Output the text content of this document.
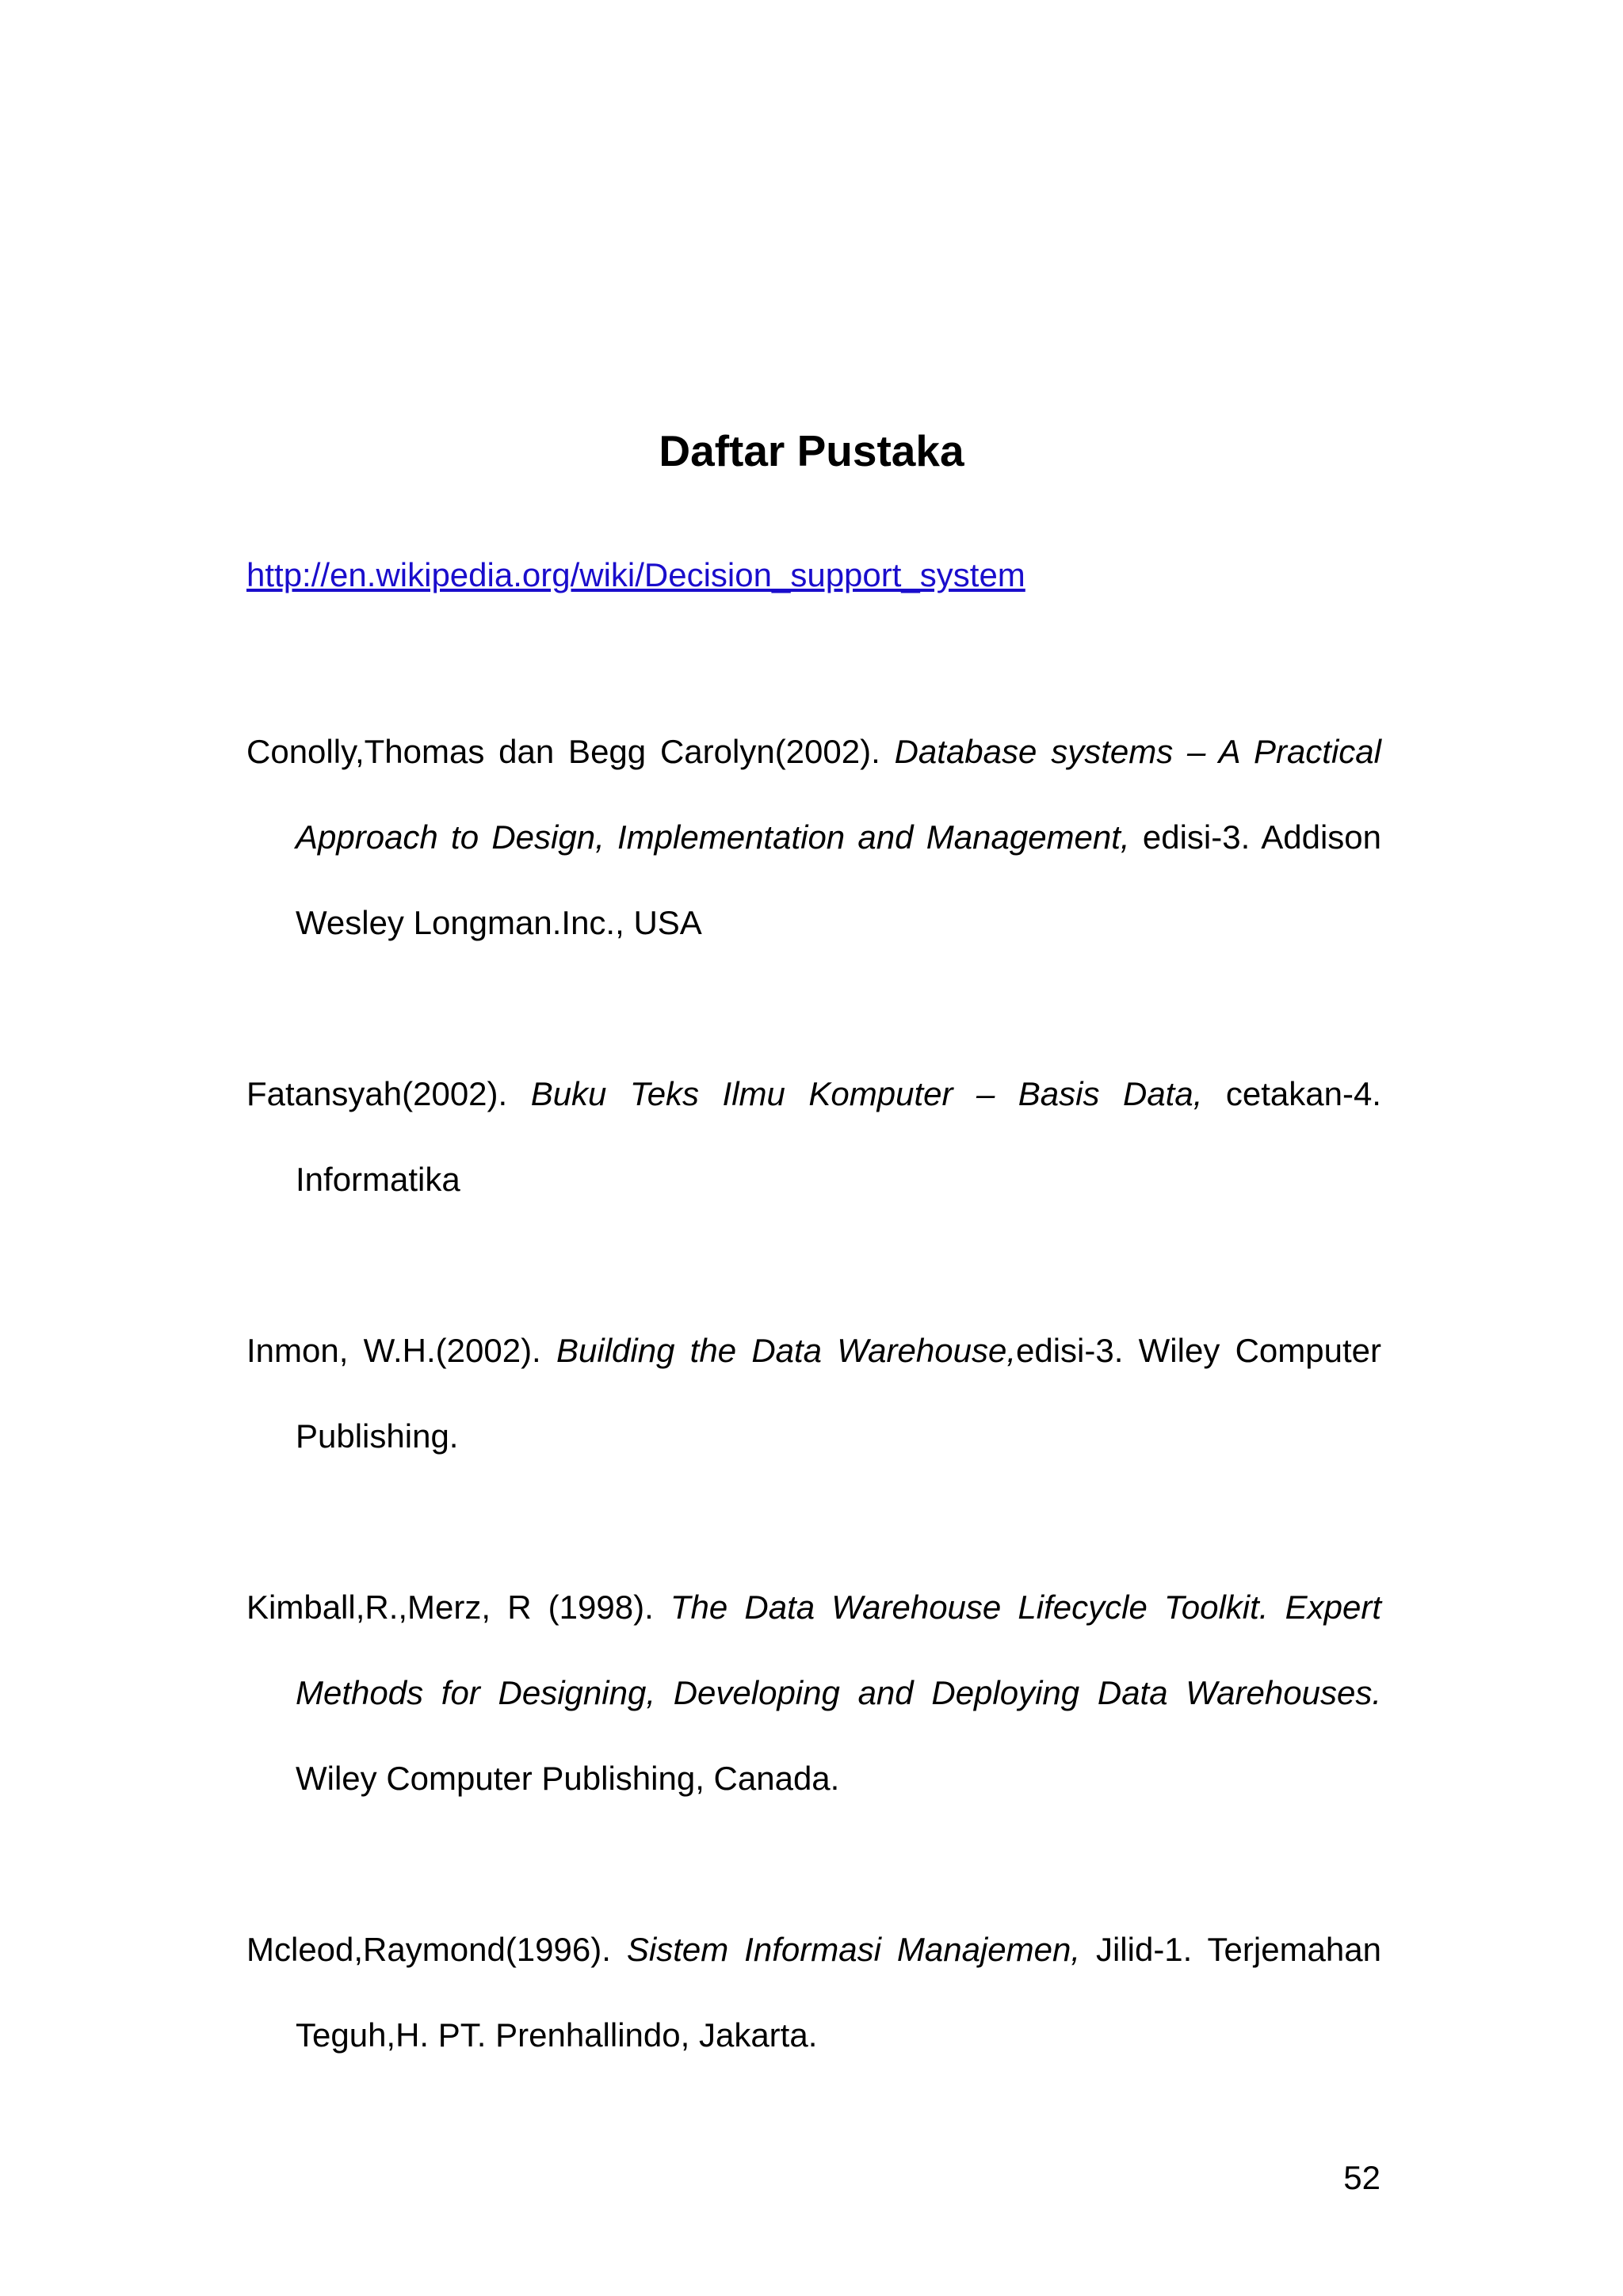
Daftar Pustaka
http://en.wikipedia.org/wiki/Decision_support_system
Conolly,Thomas dan Begg Carolyn(2002). Database systems – A Practical
Approach to Design, Implementation and Management, edisi-3. Addison
Wesley Longman.Inc., USA
Fatansyah(2002). Buku Teks Ilmu Komputer – Basis Data, cetakan-4.
Informatika
Inmon, W.H.(2002). Building the Data Warehouse,edisi-3. Wiley Computer
Publishing.
Kimball,R.,Merz, R (1998). The Data Warehouse Lifecycle Toolkit. Expert
Methods for Designing, Developing and Deploying Data Warehouses.
Wiley Computer Publishing, Canada.
Mcleod,Raymond(1996). Sistem Informasi Manajemen, Jilid-1. Terjemahan
Teguh,H. PT. Prenhallindo, Jakarta.
52
